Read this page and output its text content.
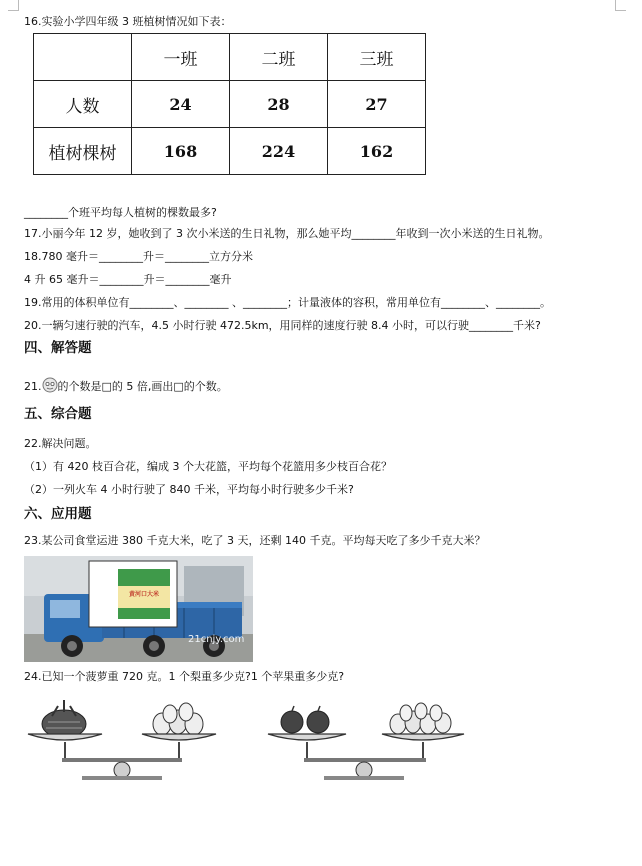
16.实验小学四年级 3 班植树情况如下表：
	一班	二班	三班
人数	24	28	27
植树棵树	168	224	162
________个班平均每人植树的棵数最多?
17.小丽今年 12 岁，她收到了 3 次小米送的生日礼物，那么她平均________年收到一次小米送的生日礼物。
18.780 毫升＝________升＝________立方分米
4 升 65 毫升＝________升＝________毫升
19.常用的体积单位有________、________ 、________；计量液体的容积，常用单位有________、________。
20.一辆匀速行驶的汽车，4.5 小时行驶 472.5km，用同样的速度行驶 8.4 小时，可以行驶________千米?
四、解答题
21. 的个数是□的 5 倍,画出□的个数。
五、综合题
22.解决问题。
（1）有 420 枝百合花，编成 3 个大花篮，平均每个花篮用多少枝百合花？
（2）一列火车 4 小时行驶了 840 千米，平均每小时行驶多少千米?
六、应用题
23.某公司食堂运进 380 千克大米，吃了 3 天，还剩 140 千克。平均每天吃了多少千克大米？
黄河口大米
21cnjy.com
24.已知一个菠萝重 720 克。1 个梨重多少克?1 个苹果重多少克?
